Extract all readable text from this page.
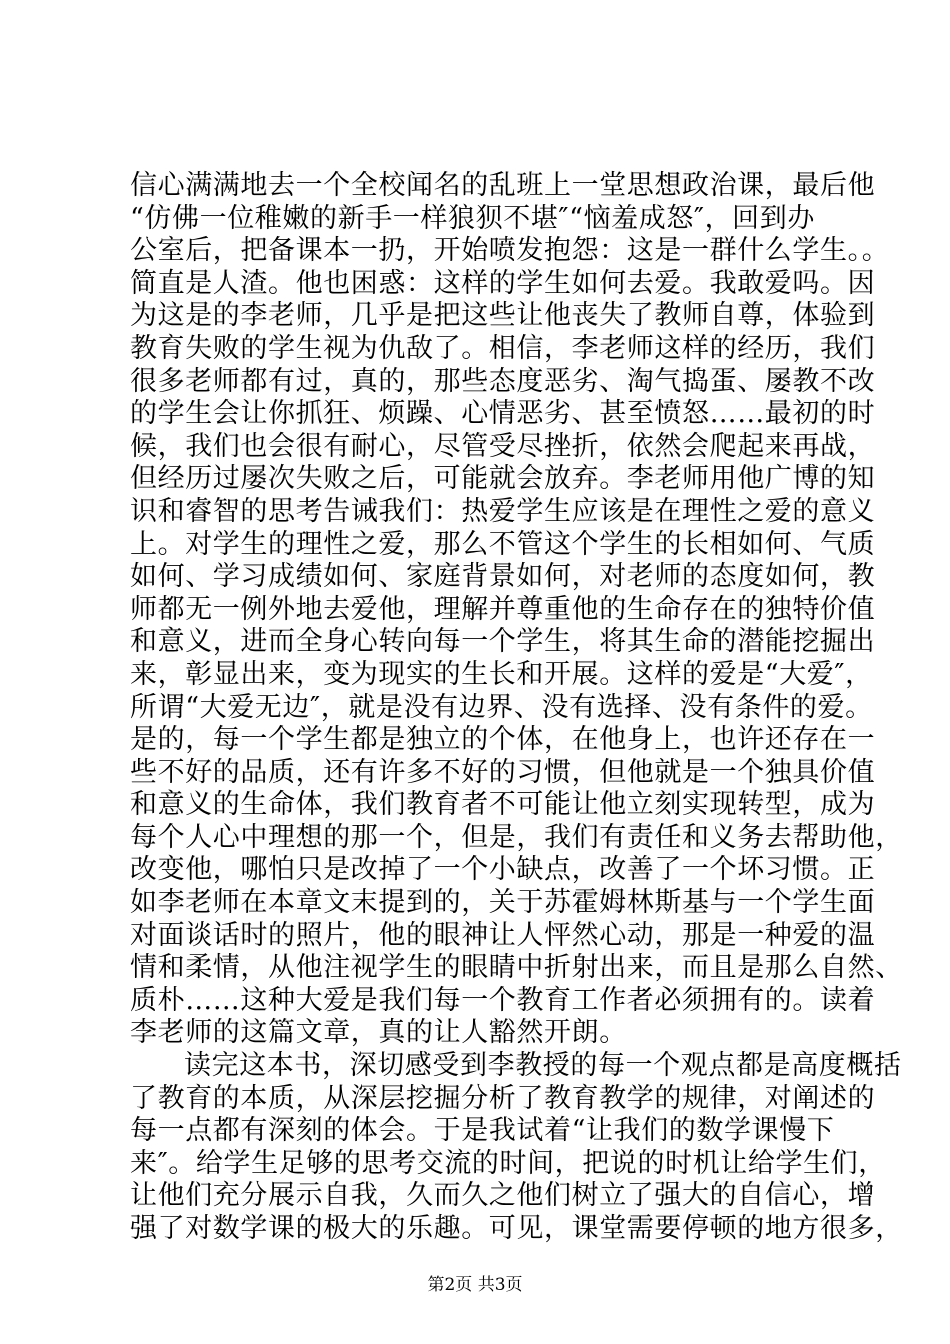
信心满满地去一个全校闻名的乱班上一堂思想政治课，最后他
“仿佛一位稚嫩的新手一样狼狈不堪″“恼羞成怒″，回到办
公室后，把备课本一扔，开始喷发抱怨：这是一群什么学生。。
简直是人渣。他也困惑：这样的学生如何去爱。我敢爱吗。因
为这是的李老师，几乎是把这些让他丧失了教师自尊，体验到
教育失败的学生视为仇敌了。相信，李老师这样的经历，我们
很多老师都有过，真的，那些态度恶劣、淘气捣蛋、屡教不改
的学生会让你抓狂、烦躁、心情恶劣、甚至愤怒……最初的时
候，我们也会很有耐心，尽管受尽挫折，依然会爬起来再战，
但经历过屡次失败之后，可能就会放弃。李老师用他广博的知
识和睿智的思考告诫我们：热爱学生应该是在理性之爱的意义
上。对学生的理性之爱，那么不管这个学生的长相如何、气质
如何、学习成绩如何、家庭背景如何，对老师的态度如何，教
师都无一例外地去爱他，理解并尊重他的生命存在的独特价值
和意义，进而全身心转向每一个学生，将其生命的潜能挖掘出
来，彰显出来，变为现实的生长和开展。这样的爱是“大爱″，
所谓“大爱无边″，就是没有边界、没有选择、没有条件的爱。
是的，每一个学生都是独立的个体，在他身上，也许还存在一
些不好的品质，还有许多不好的习惯，但他就是一个独具价值
和意义的生命体，我们教育者不可能让他立刻实现转型，成为
每个人心中理想的那一个，但是，我们有责任和义务去帮助他，
改变他，哪怕只是改掉了一个小缺点，改善了一个坏习惯。正
如李老师在本章文末提到的，关于苏霍姆林斯基与一个学生面
对面谈话时的照片，他的眼神让人怦然心动，那是一种爱的温
情和柔情，从他注视学生的眼睛中折射出来，而且是那么自然、
质朴……这种大爱是我们每一个教育工作者必须拥有的。读着
李老师的这篇文章，真的让人豁然开朗。
读完这本书，深切感受到李教授的每一个观点都是高度概括
了教育的本质，从深层挖掘分析了教育教学的规律，对阐述的
每一点都有深刻的体会。于是我试着“让我们的数学课慢下
来″。给学生足够的思考交流的时间，把说的时机让给学生们，
让他们充分展示自我，久而久之他们树立了强大的自信心，增
强了对数学课的极大的乐趣。可见，课堂需要停顿的地方很多，
第2页 共3页
